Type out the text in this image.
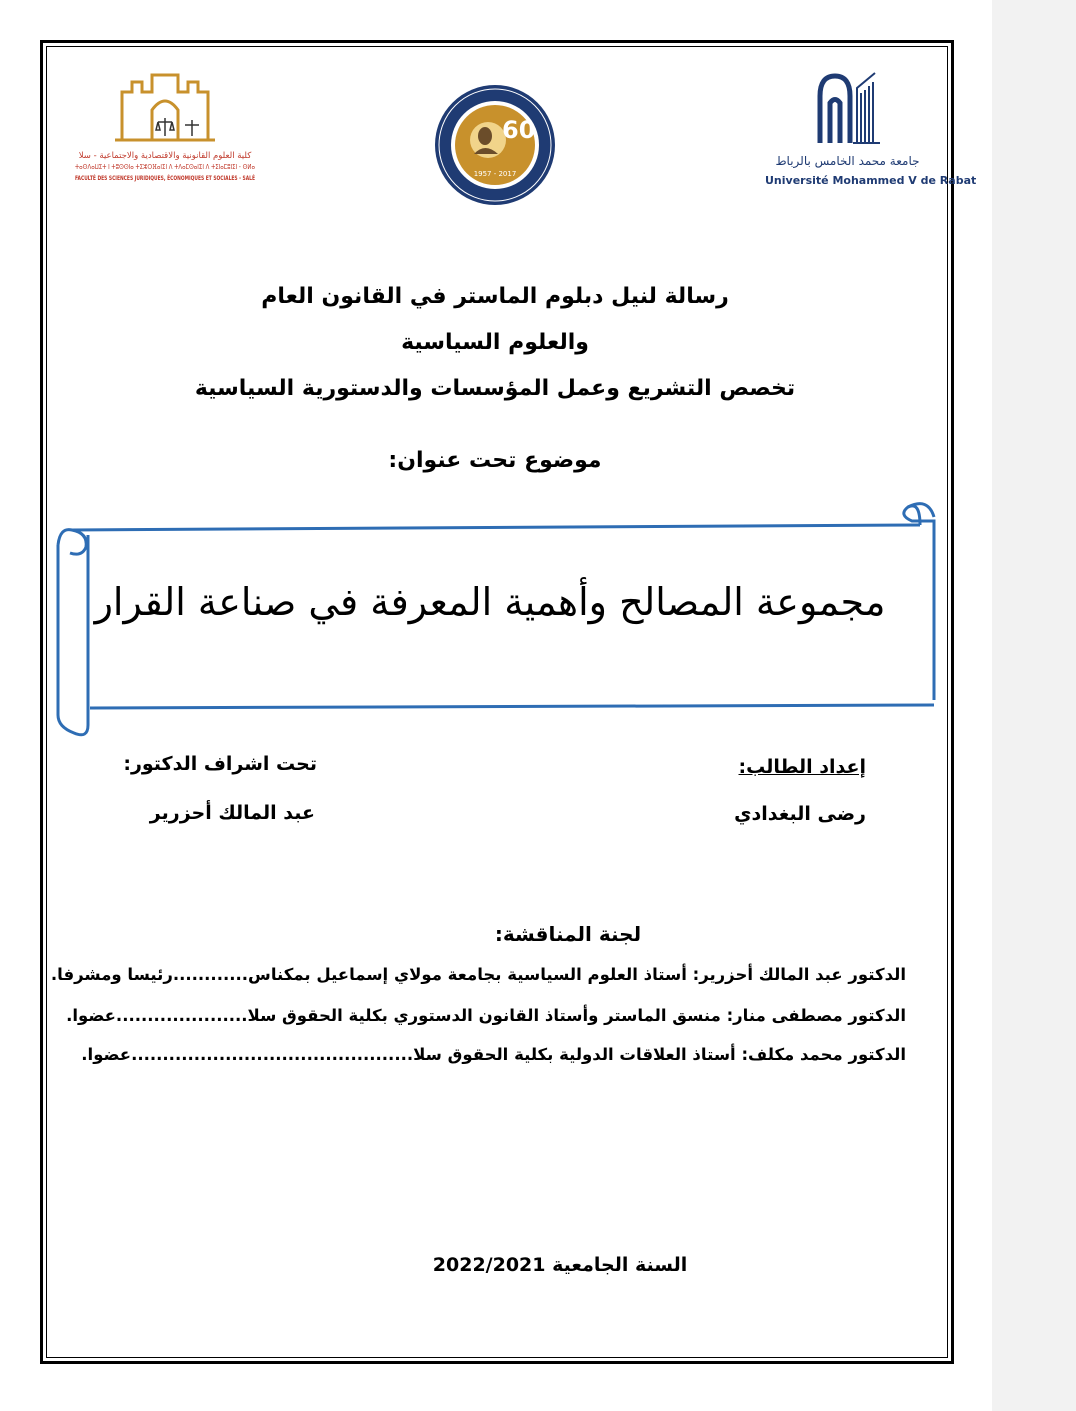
كلية العلوم القانونية والاقتصادية والاجتماعية - سلا
ⵜⴰⵙⴷⴰⵡⵉⵜ ⵏ ⵜⵓⵙⵙⵏⴰ ⵜⵉⵣⵔⴼⴰⵏⵉⵏ ⴷ ⵜⴷⴰⵎⵙⴰⵏⵉⵏ ⴷ ⵜⵉⵏⴰⵎⵓⵏⵉⵏ - ⵙⵍⴰ
FACULTÉ DES SCIENCES JURIDIQUES, ÉCONOMIQUES ET SOCIALES - SALÉ
60
1957 - 2017
جامعة محمد الخامس بالرباط
Université Mohammed V de Rabat
رسالة لنيل دبلوم الماستر في القانون العام
والعلوم السياسية
تخصص التشريع وعمل المؤسسات والدستورية السياسية
موضوع تحت عنوان:
مجموعة المصالح وأهمية المعرفة في صناعة القرار
إعداد الطالب:
رضى البغدادي
تحت اشراف الدكتور:
عبد المالك أحزرير
لجنة المناقشة:
الدكتور عبد المالك أحزرير: أستاذ العلوم السياسية بجامعة مولاي إسماعيل بمكناس............رئيسا ومشرفا.
الدكتور مصطفى منار: منسق الماستر وأستاذ القانون الدستوري بكلية الحقوق سلا.....................عضوا.
الدكتور محمد مكلف: أستاذ العلاقات الدولية بكلية الحقوق سلا.............................................عضوا.
السنة الجامعية 2022/2021
